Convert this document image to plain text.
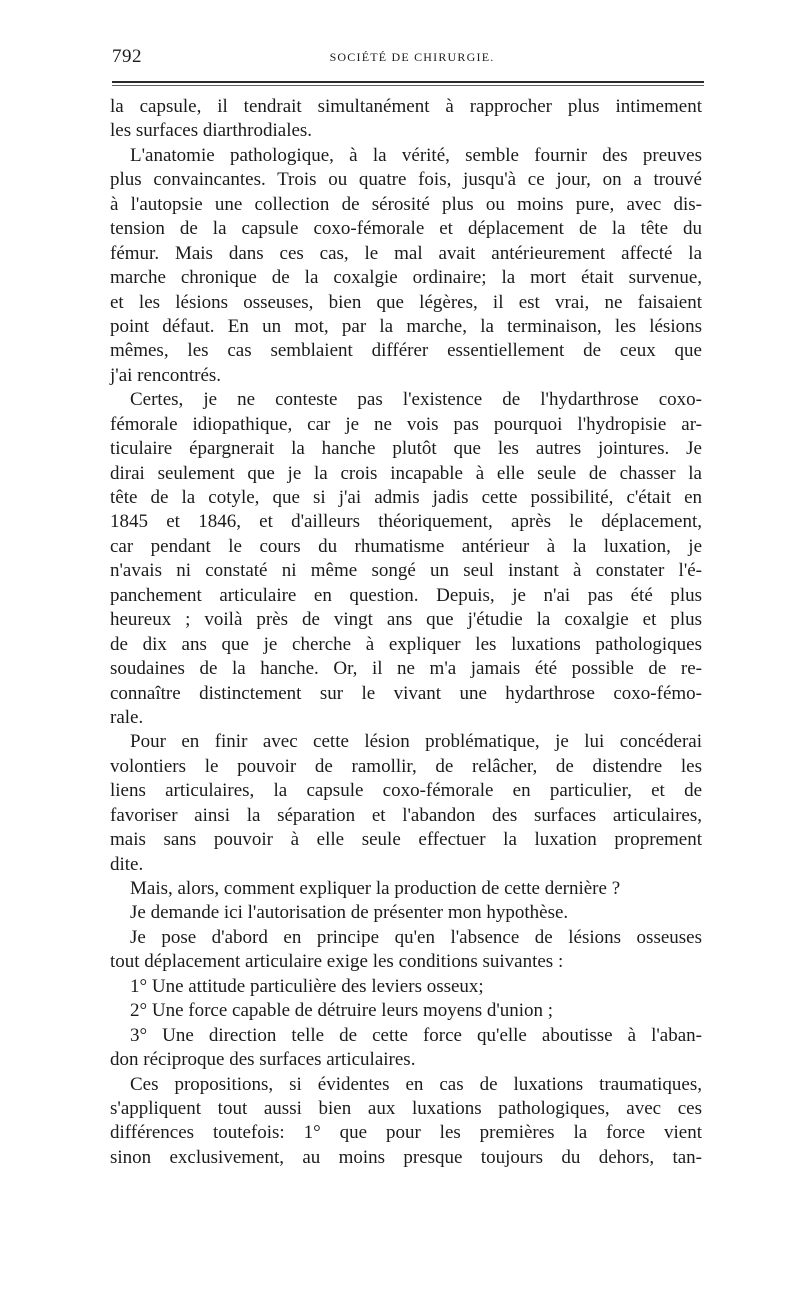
792	SOCIÉTÉ DE CHIRURGIE.
la capsule, il tendrait simultanément à rapprocher plus intimement
les surfaces diarthrodiales.
L'anatomie pathologique, à la vérité, semble fournir des preuves
plus convaincantes. Trois ou quatre fois, jusqu'à ce jour, on a trouvé
à l'autopsie une collection de sérosité plus ou moins pure, avec dis-
tension de la capsule coxo-fémorale et déplacement de la tête du
fémur. Mais dans ces cas, le mal avait antérieurement affecté la
marche chronique de la coxalgie ordinaire; la mort était survenue,
et les lésions osseuses, bien que légères, il est vrai, ne faisaient
point défaut. En un mot, par la marche, la terminaison, les lésions
mêmes, les cas semblaient différer essentiellement de ceux que
j'ai rencontrés.
Certes, je ne conteste pas l'existence de l'hydarthrose coxo-
fémorale idiopathique, car je ne vois pas pourquoi l'hydropisie ar-
ticulaire épargnerait la hanche plutôt que les autres jointures. Je
dirai seulement que je la crois incapable à elle seule de chasser la
tête de la cotyle, que si j'ai admis jadis cette possibilité, c'était en
1845 et 1846, et d'ailleurs théoriquement, après le déplacement,
car pendant le cours du rhumatisme antérieur à la luxation, je
n'avais ni constaté ni même songé un seul instant à constater l'é-
panchement articulaire en question. Depuis, je n'ai pas été plus
heureux ; voilà près de vingt ans que j'étudie la coxalgie et plus
de dix ans que je cherche à expliquer les luxations pathologiques
soudaines de la hanche. Or, il ne m'a jamais été possible de re-
connaître distinctement sur le vivant une hydarthrose coxo-fémo-
rale.
Pour en finir avec cette lésion problématique, je lui concéderai
volontiers le pouvoir de ramollir, de relâcher, de distendre les
liens articulaires, la capsule coxo-fémorale en particulier, et de
favoriser ainsi la séparation et l'abandon des surfaces articulaires,
mais sans pouvoir à elle seule effectuer la luxation proprement
dite.
Mais, alors, comment expliquer la production de cette dernière ?
Je demande ici l'autorisation de présenter mon hypothèse.
Je pose d'abord en principe qu'en l'absence de lésions osseuses
tout déplacement articulaire exige les conditions suivantes :
1° Une attitude particulière des leviers osseux;
2° Une force capable de détruire leurs moyens d'union ;
3° Une direction telle de cette force qu'elle aboutisse à l'aban-
don réciproque des surfaces articulaires.
Ces propositions, si évidentes en cas de luxations traumatiques,
s'appliquent tout aussi bien aux luxations pathologiques, avec ces
différences toutefois: 1° que pour les premières la force vient
sinon exclusivement, au moins presque toujours du dehors, tan-
